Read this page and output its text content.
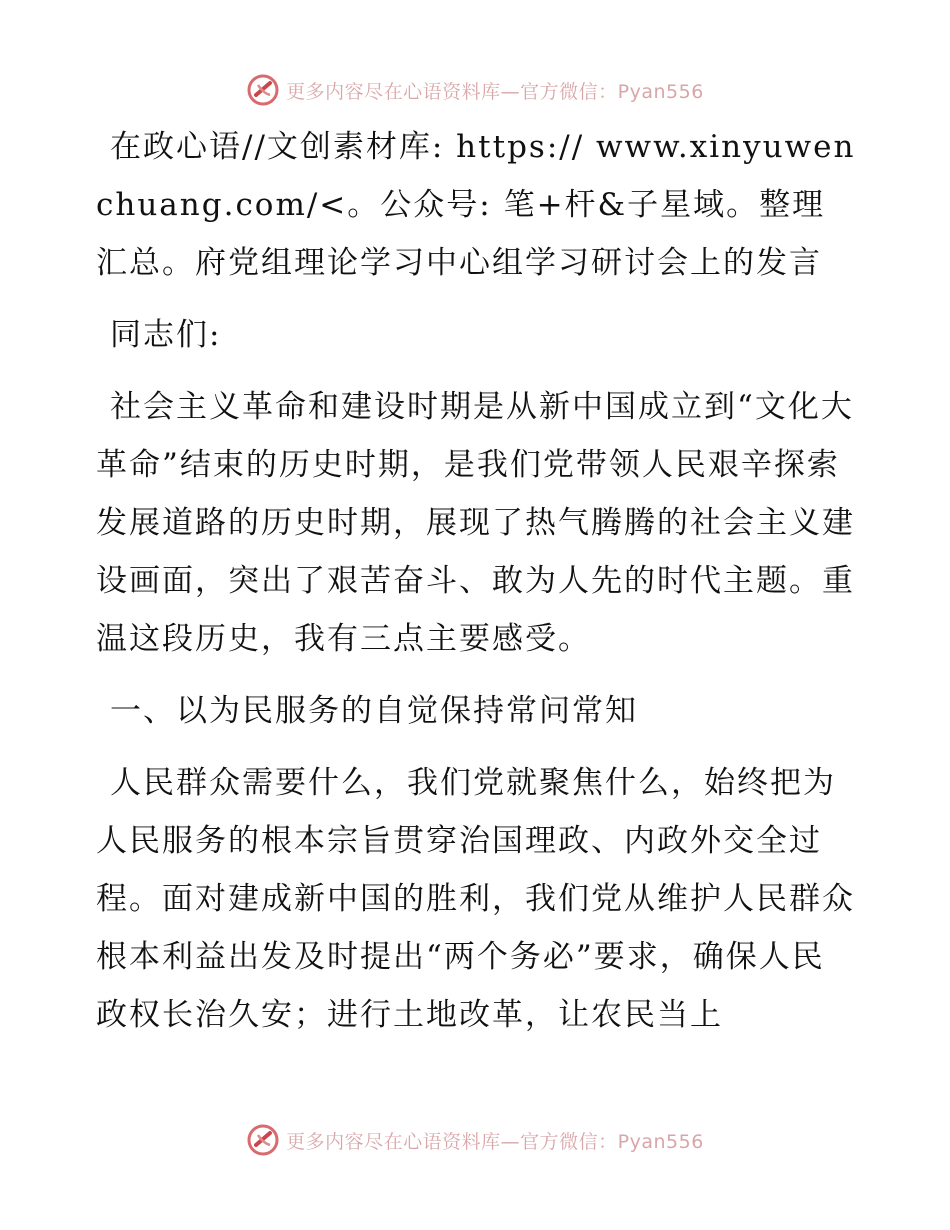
更多内容尽在心语资料库—官方微信：Pyan556

在政心语//文创素材库: https:// www.xinyuwenchuang.com/<。公众号: 笔+杆&子星域。整理汇总。府党组理论学习中心组学习研讨会上的发言

同志们:

社会主义革命和建设时期是从新中国成立到“文化大革命”结束的历史时期，是我们党带领人民艰辛探索发展道路的历史时期，展现了热气腾腾的社会主义建设画面，突出了艰苦奋斗、敢为人先的时代主题。重温这段历史，我有三点主要感受。

一、以为民服务的自觉保持常问常知

人民群众需要什么，我们党就聚焦什么，始终把为人民服务的根本宗旨贯穿治国理政、内政外交全过程。面对建成新中国的胜利，我们党从维护人民群众根本利益出发及时提出“两个务必”要求，确保人民政权长治久安；进行土地改革，让农民当上

更多内容尽在心语资料库—官方微信：Pyan556
